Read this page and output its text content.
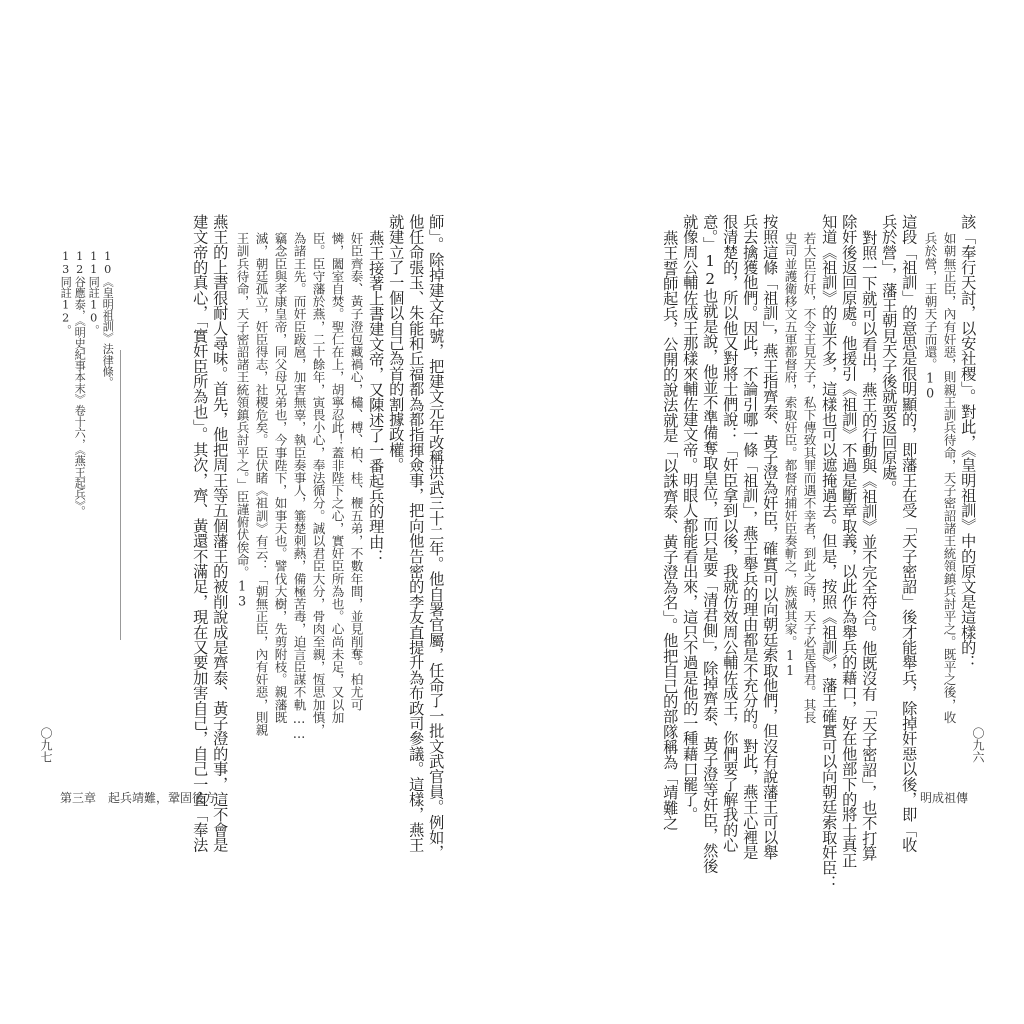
該「奉行天討，以安社稷」。對此，《皇明祖訓》中的原文是這樣的：
如朝無正臣，內有奸惡，則親王訓兵待命，天子密詔諸王統領鎮兵討平之。既平之後，收
兵於營，王朝天子而還。10
這段「祖訓」的意思是很明顯的，即藩王在受「天子密詔」後才能舉兵，除掉奸惡以後，即「收
兵於營」，藩王朝見天子後就要返回原處。
對照一下就可以看出，燕王的行動與《祖訓》並不完全符合。他既沒有「天子密詔」，也不打算
除奸後返回原處。他援引《祖訓》不過是斷章取義，以此作為舉兵的藉口，好在他部下的將士真正
知道《祖訓》的並不多，這樣也可以遮掩過去。但是，按照《祖訓》，藩王確實可以向朝廷索取奸臣：
若大臣行奸，不令王見天子，私下傳致其罪而遇不幸者，到此之時，天子必是昏君。其長
史司並護衛移文五軍都督府，索取奸臣。都督府捕奸臣奏斬之，族滅其家。11
按照這條「祖訓」，燕王指齊泰、黃子澄為奸臣，確實可以向朝廷索取他們，但沒有說藩王可以舉
兵去擒獲他們。因此，不論引哪一條「祖訓」，燕王舉兵的理由都是不充分的。對此，燕王心裡是
很清楚的，所以他又對將士們說：「奸臣拿到以後，我就仿效周公輔佐成王，你們要了解我的心
意。」12也就是說，他並不準備奪取皇位，而只是要「清君側」，除掉齊泰、黃子澄等奸臣，然後
就像周公輔佐成王那樣來輔佐建文帝。明眼人都能看出來，這只不過是他的一種藉口罷了。
燕王誓師起兵，公開的說法就是「以誅齊泰、黃子澄為名」。他把自己的部隊稱為「靖難之	〇九六
明成祖傳
師」。除掉建文年號，把建文元年改稱洪武三十二年。他自署官屬，任命了一批文武官員。例如，
他任命張玉、朱能和丘福都為都指揮僉事，把向他告密的李友直提升為布政司參議。這樣，燕王
就建立了一個以自己為首的割據政權。
燕王接著上書建文帝，又陳述了一番起兵的理由：
奸臣齊泰、黃子澄包藏禍心，橚、榑、柏、桂、楩五弟，不數年間，並見削奪。柏尤可
憐，闔室自焚。聖仁在上，胡寧忍此！蓋非陛下之心，實奸臣所為也。心尚未足，又以加
臣。臣守藩於燕，二十餘年，寅畏小心，奉法循分。誠以君臣大分，骨肉至親，恆思加慎，
為諸王先。而奸臣跋扈，加害無辜，執臣奏事人，箠楚刺爇，備極苦毒，迫言臣謀不軌……
竊念臣與孝康皇帝，同父母兄弟也，今事陛下，如事天也。譬伐大樹，先剪附枝。親藩既
滅，朝廷孤立，奸臣得志，社稷危矣。臣伏睹《祖訓》有云：「朝無正臣，內有奸惡，則親
王訓兵待命，天子密詔諸王統領鎮兵討平之。」臣謹俯伏俟命。13
燕王的上書很耐人尋味。首先，他把周王等五個藩王的被削說成是齊泰、黃子澄的事，這不會是
建文帝的真心，「實奸臣所為也」。其次，齊、黃還不滿足，現在又要加害自己，自己一直「奉法
10《皇明祖訓》法律條。
11同註10。
12谷應泰，《明史紀事本末》卷十六，《燕王起兵》。
13同註12。
〇九七
第三章　起兵靖難，鞏固後方
